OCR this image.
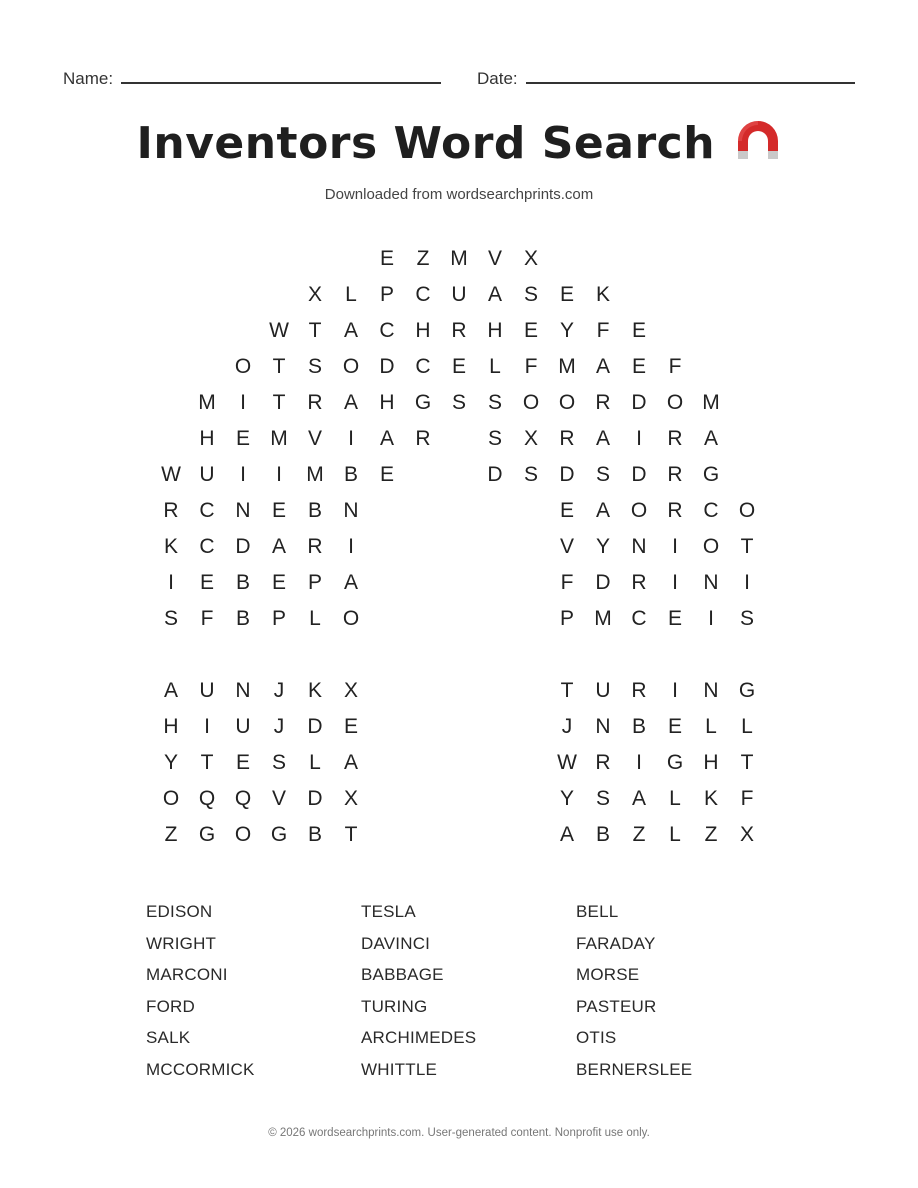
Name:	Date:
Inventors Word Search
Downloaded from wordsearchprints.com
E	Z M V	X
X	L	P	C U	A	S	E	K
W T	A	C H R H	E	Y	F	E
O	T	S O D C	E	L	F M A	E	F
M	I	T	R	A	H G S	S O O R D O M
H	E M V	I	A	R	S	X	R	A	I	R	A
W U	I	I	M B	E	D	S	D	S	D R G
R C N	E	B	N	E	A O R C O
K	C D	A	R	I	V	Y	N	I	O	T
I	E	B	E	P	A	F	D R	I	N	I
S	F	B	P	L	O	P M C	E	I	S
A	U N	J	K	X	T	U R	I	N G
H	I	U	J	D	E	J	N	B	E	L	L
Y	T	E	S	L	A	W R	I	G H	T
O Q Q V	D	X	Y	S	A	L	K	F
Z	G O G B	T	A	B	Z	L	Z	X
EDISON	TESLA	BELL
WRIGHT	DAVINCI	FARADAY
MARCONI	BABBAGE	MORSE
FORD	TURING	PASTEUR
SALK	ARCHIMEDES	OTIS
MCCORMICK	WHITTLE	BERNERSLEE
© 2026 wordsearchprints.com. User-generated content. Nonprofit use only.
